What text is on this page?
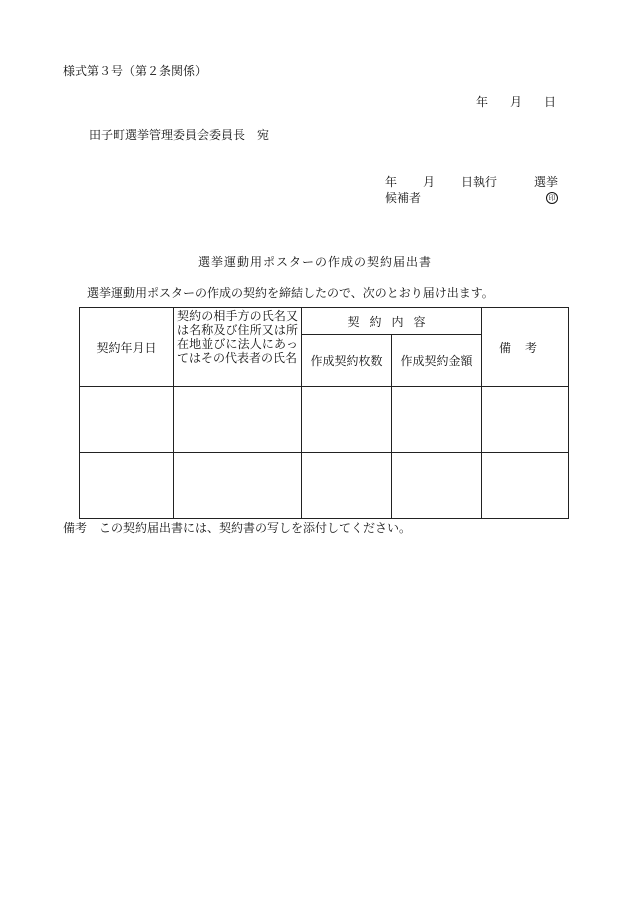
様式第３号（第２条関係）
年 月 日
田子町選挙管理委員会委員長　宛
年 月 日執行	選挙
候補者	印
選挙運動用ポスターの作成の契約届出書
選挙運動用ポスターの作成の契約を締結したので、次のとおり届け出ます。
契約年月日	契約の相手方の氏名又は名称及び住所又は所在地並びに法人にあってはその代表者の氏名	契約内容		備考
		作成契約枚数	作成契約金額	

備考　この契約届出書には、契約書の写しを添付してください。
